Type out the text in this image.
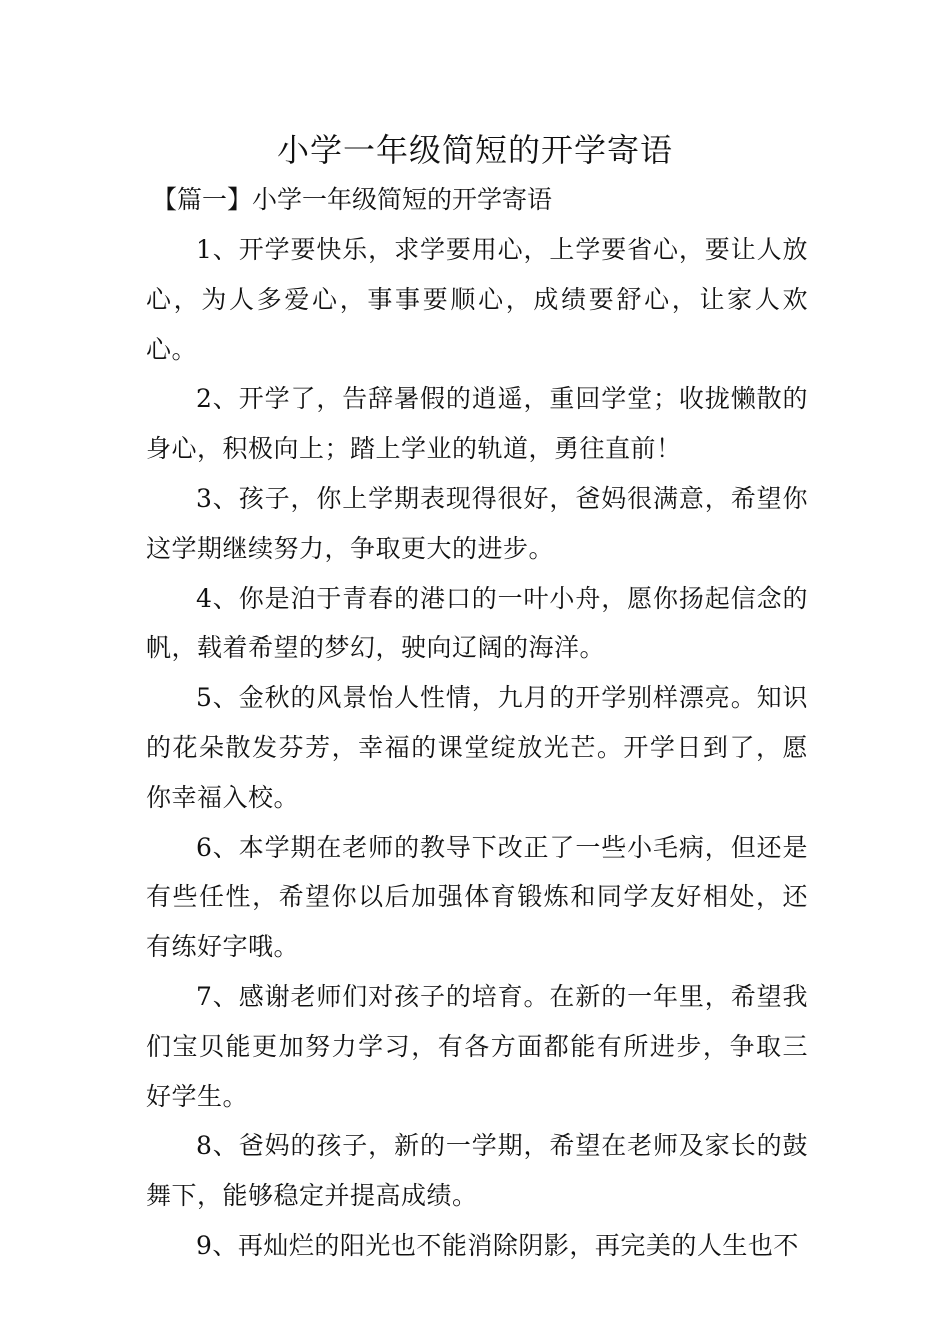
小学一年级简短的开学寄语
【篇一】小学一年级简短的开学寄语

1、开学要快乐，求学要用心，上学要省心，要让人放心，为人多爱心，事事要顺心，成绩要舒心，让家人欢心。

2、开学了，告辞暑假的逍遥，重回学堂；收拢懒散的身心，积极向上；踏上学业的轨道，勇往直前！

3、孩子，你上学期表现得很好，爸妈很满意，希望你这学期继续努力，争取更大的进步。

4、你是泊于青春的港口的一叶小舟，愿你扬起信念的帆，载着希望的梦幻，驶向辽阔的海洋。

5、金秋的风景怡人性情，九月的开学别样漂亮。知识的花朵散发芬芳，幸福的课堂绽放光芒。开学日到了，愿你幸福入校。

6、本学期在老师的教导下改正了一些小毛病，但还是有些任性，希望你以后加强体育锻炼和同学友好相处，还有练好字哦。

7、感谢老师们对孩子的培育。在新的一年里，希望我们宝贝能更加努力学习，有各方面都能有所进步，争取三好学生。

8、爸妈的孩子，新的一学期，希望在老师及家长的鼓舞下，能够稳定并提高成绩。

9、再灿烂的阳光也不能消除阴影，再完美的人生也不
